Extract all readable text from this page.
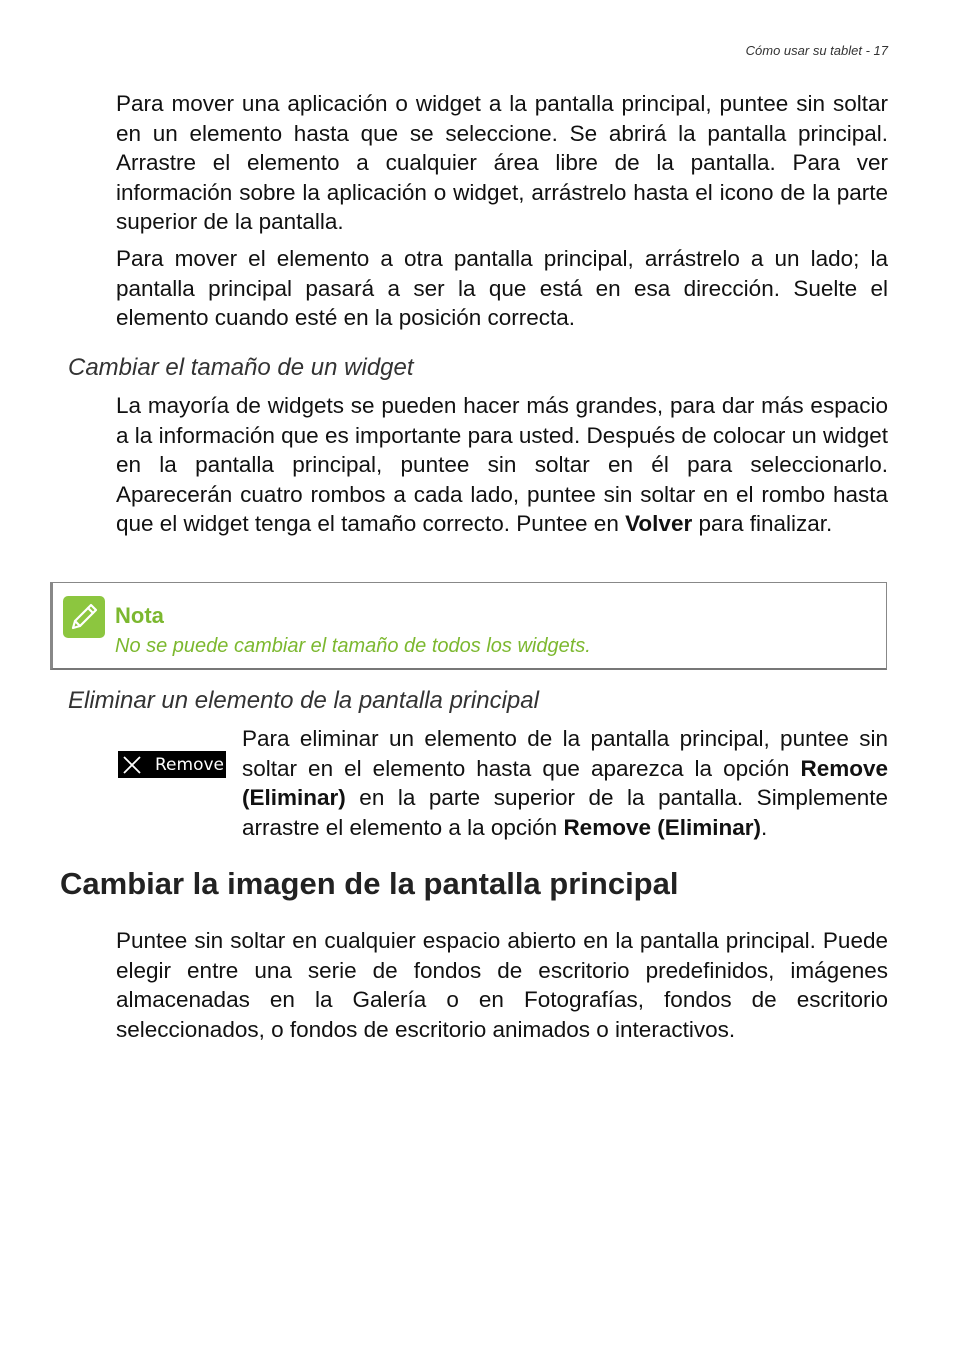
Cómo usar su tablet - 17

Para mover una aplicación o widget a la pantalla principal, puntee sin soltar en un elemento hasta que se seleccione. Se abrirá la pantalla principal. Arrastre el elemento a cualquier área libre de la pantalla. Para ver información sobre la aplicación o widget, arrástrelo hasta el icono de la parte superior de la pantalla.

Para mover el elemento a otra pantalla principal, arrástrelo a un lado; la pantalla principal pasará a ser la que está en esa dirección. Suelte el elemento cuando esté en la posición correcta.

Cambiar el tamaño de un widget

La mayoría de widgets se pueden hacer más grandes, para dar más espacio a la información que es importante para usted. Después de colocar un widget en la pantalla principal, puntee sin soltar en él para seleccionarlo. Aparecerán cuatro rombos a cada lado, puntee sin soltar en el rombo hasta que el widget tenga el tamaño correcto. Puntee en Volver para finalizar.

Nota
No se puede cambiar el tamaño de todos los widgets.
Eliminar un elemento de la pantalla principal
Remove

Para eliminar un elemento de la pantalla principal, puntee sin soltar en el elemento hasta que aparezca la opción Remove (Eliminar) en la parte superior de la pantalla. Simplemente arrastre el elemento a la opción Remove (Eliminar).

Cambiar la imagen de la pantalla principal

Puntee sin soltar en cualquier espacio abierto en la pantalla principal. Puede elegir entre una serie de fondos de escritorio predefinidos, imágenes almacenadas en la Galería o en Fotografías, fondos de escritorio seleccionados, o fondos de escritorio animados o interactivos.
